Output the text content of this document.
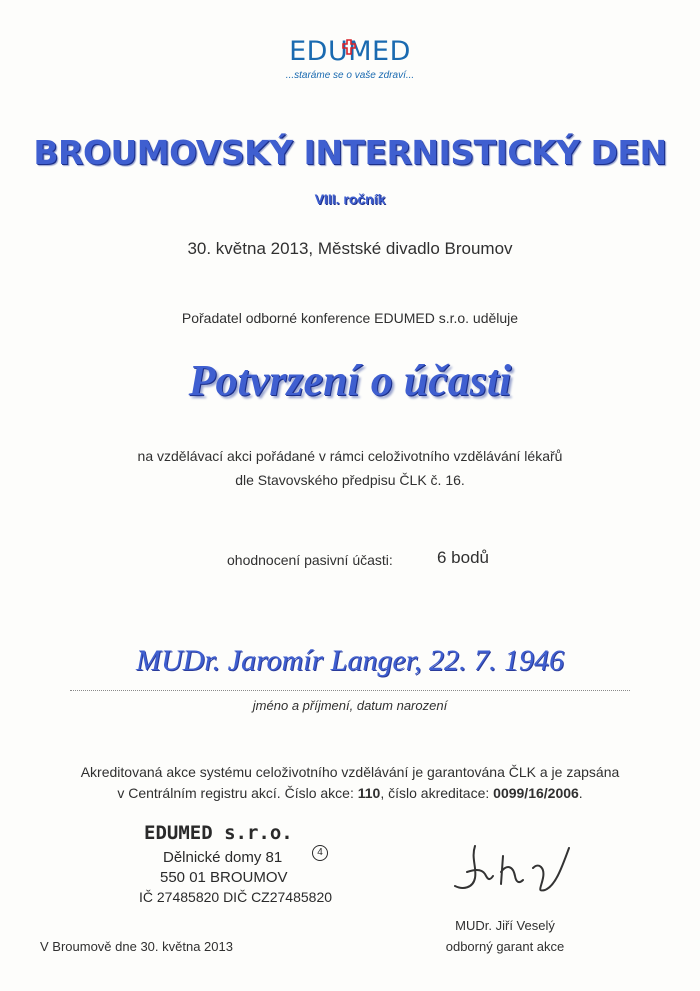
EDUMED
...staráme se o vaše zdraví...
BROUMOVSKÝ INTERNISTICKÝ DEN
VIII. ročník
30. května 2013, Městské divadlo Broumov
Pořadatel odborné konference EDUMED s.r.o. uděluje
Potvrzení o účasti
na vzdělávací akci pořádané v rámci celoživotního vzdělávání lékařů
dle Stavovského předpisu ČLK č. 16.
ohodnocení pasivní účasti:	6 bodů
MUDr. Jaromír Langer, 22. 7. 1946
jméno a příjmení, datum narození
Akreditovaná akce systému celoživotního vzdělávání je garantována ČLK a je zapsána
v Centrálním registru akcí. Číslo akce: 110, číslo akreditace: 0099/16/2006.
EDUMED s.r.o.
4
Dělnické domy 81
550 01 BROUMOV
IČ 27485820 DIČ CZ27485820
MUDr. Jiří Veselý
odborný garant akce
V Broumově dne 30. května 2013
